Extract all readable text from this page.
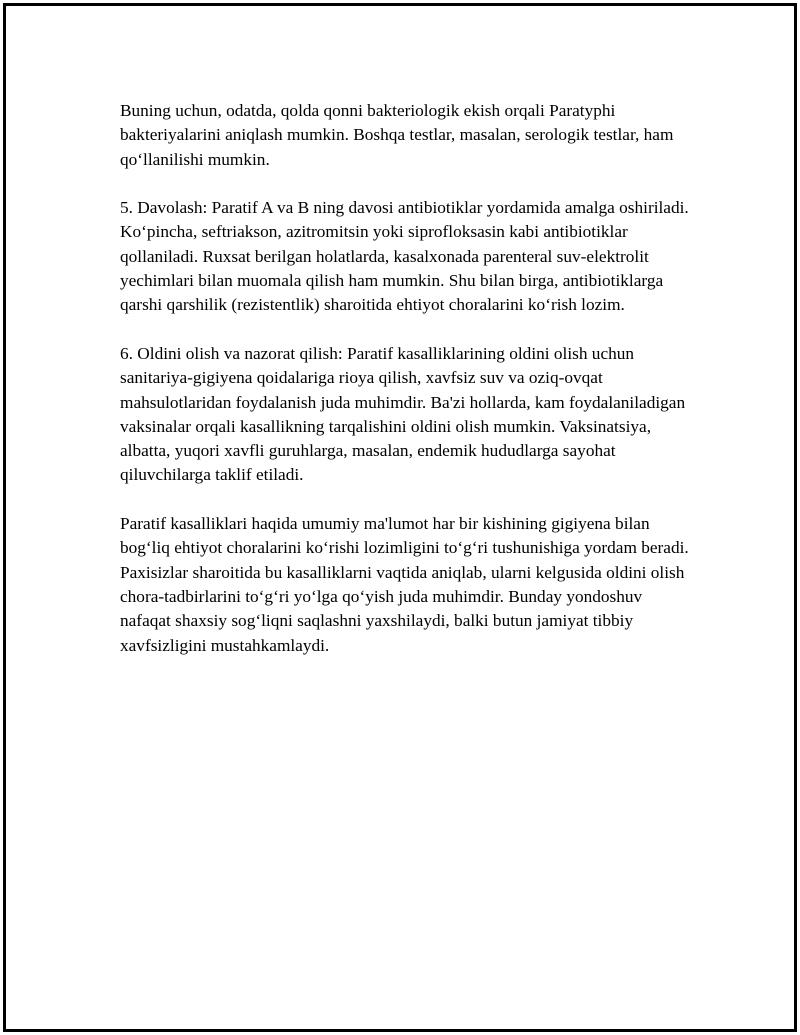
Buning uchun, odatda, qolda qonni bakteriologik ekish orqali Paratyphi bakteriyalarini aniqlash mumkin. Boshqa testlar, masalan, serologik testlar, ham qo‘llanilishi mumkin.

5. Davolash: Paratif A va B ning davosi antibiotiklar yordamida amalga oshiriladi. Ko‘pincha, seftriakson, azitromitsin yoki siprofloksasin kabi antibiotiklar qollaniladi. Ruxsat berilgan holatlarda, kasalxonada parenteral suv-elektrolit yechimlari bilan muomala qilish ham mumkin. Shu bilan birga, antibiotiklarga qarshi qarshilik (rezistentlik) sharoitida ehtiyot choralarini ko‘rish lozim.

6. Oldini olish va nazorat qilish: Paratif kasalliklarining oldini olish uchun sanitariya-gigiyena qoidalariga rioya qilish, xavfsiz suv va oziq-ovqat mahsulotlaridan foydalanish juda muhimdir. Ba'zi hollarda, kam foydalaniladigan vaksinalar orqali kasallikning tarqalishini oldini olish mumkin. Vaksinatsiya, albatta, yuqori xavfli guruhlarga, masalan, endemik hududlarga sayohat qiluvchilarga taklif etiladi.

Paratif kasalliklari haqida umumiy ma'lumot har bir kishining gigiyena bilan bog‘liq ehtiyot choralarini ko‘rishi lozimligini to‘g‘ri tushunishiga yordam beradi. Paxisizlar sharoitida bu kasalliklarni vaqtida aniqlab, ularni kelgusida oldini olish chora-tadbirlarini to‘g‘ri yo‘lga qo‘yish juda muhimdir. Bunday yondoshuv nafaqat shaxsiy sog‘liqni saqlashni yaxshilaydi, balki butun jamiyat tibbiy xavfsizligini mustahkamlaydi.
